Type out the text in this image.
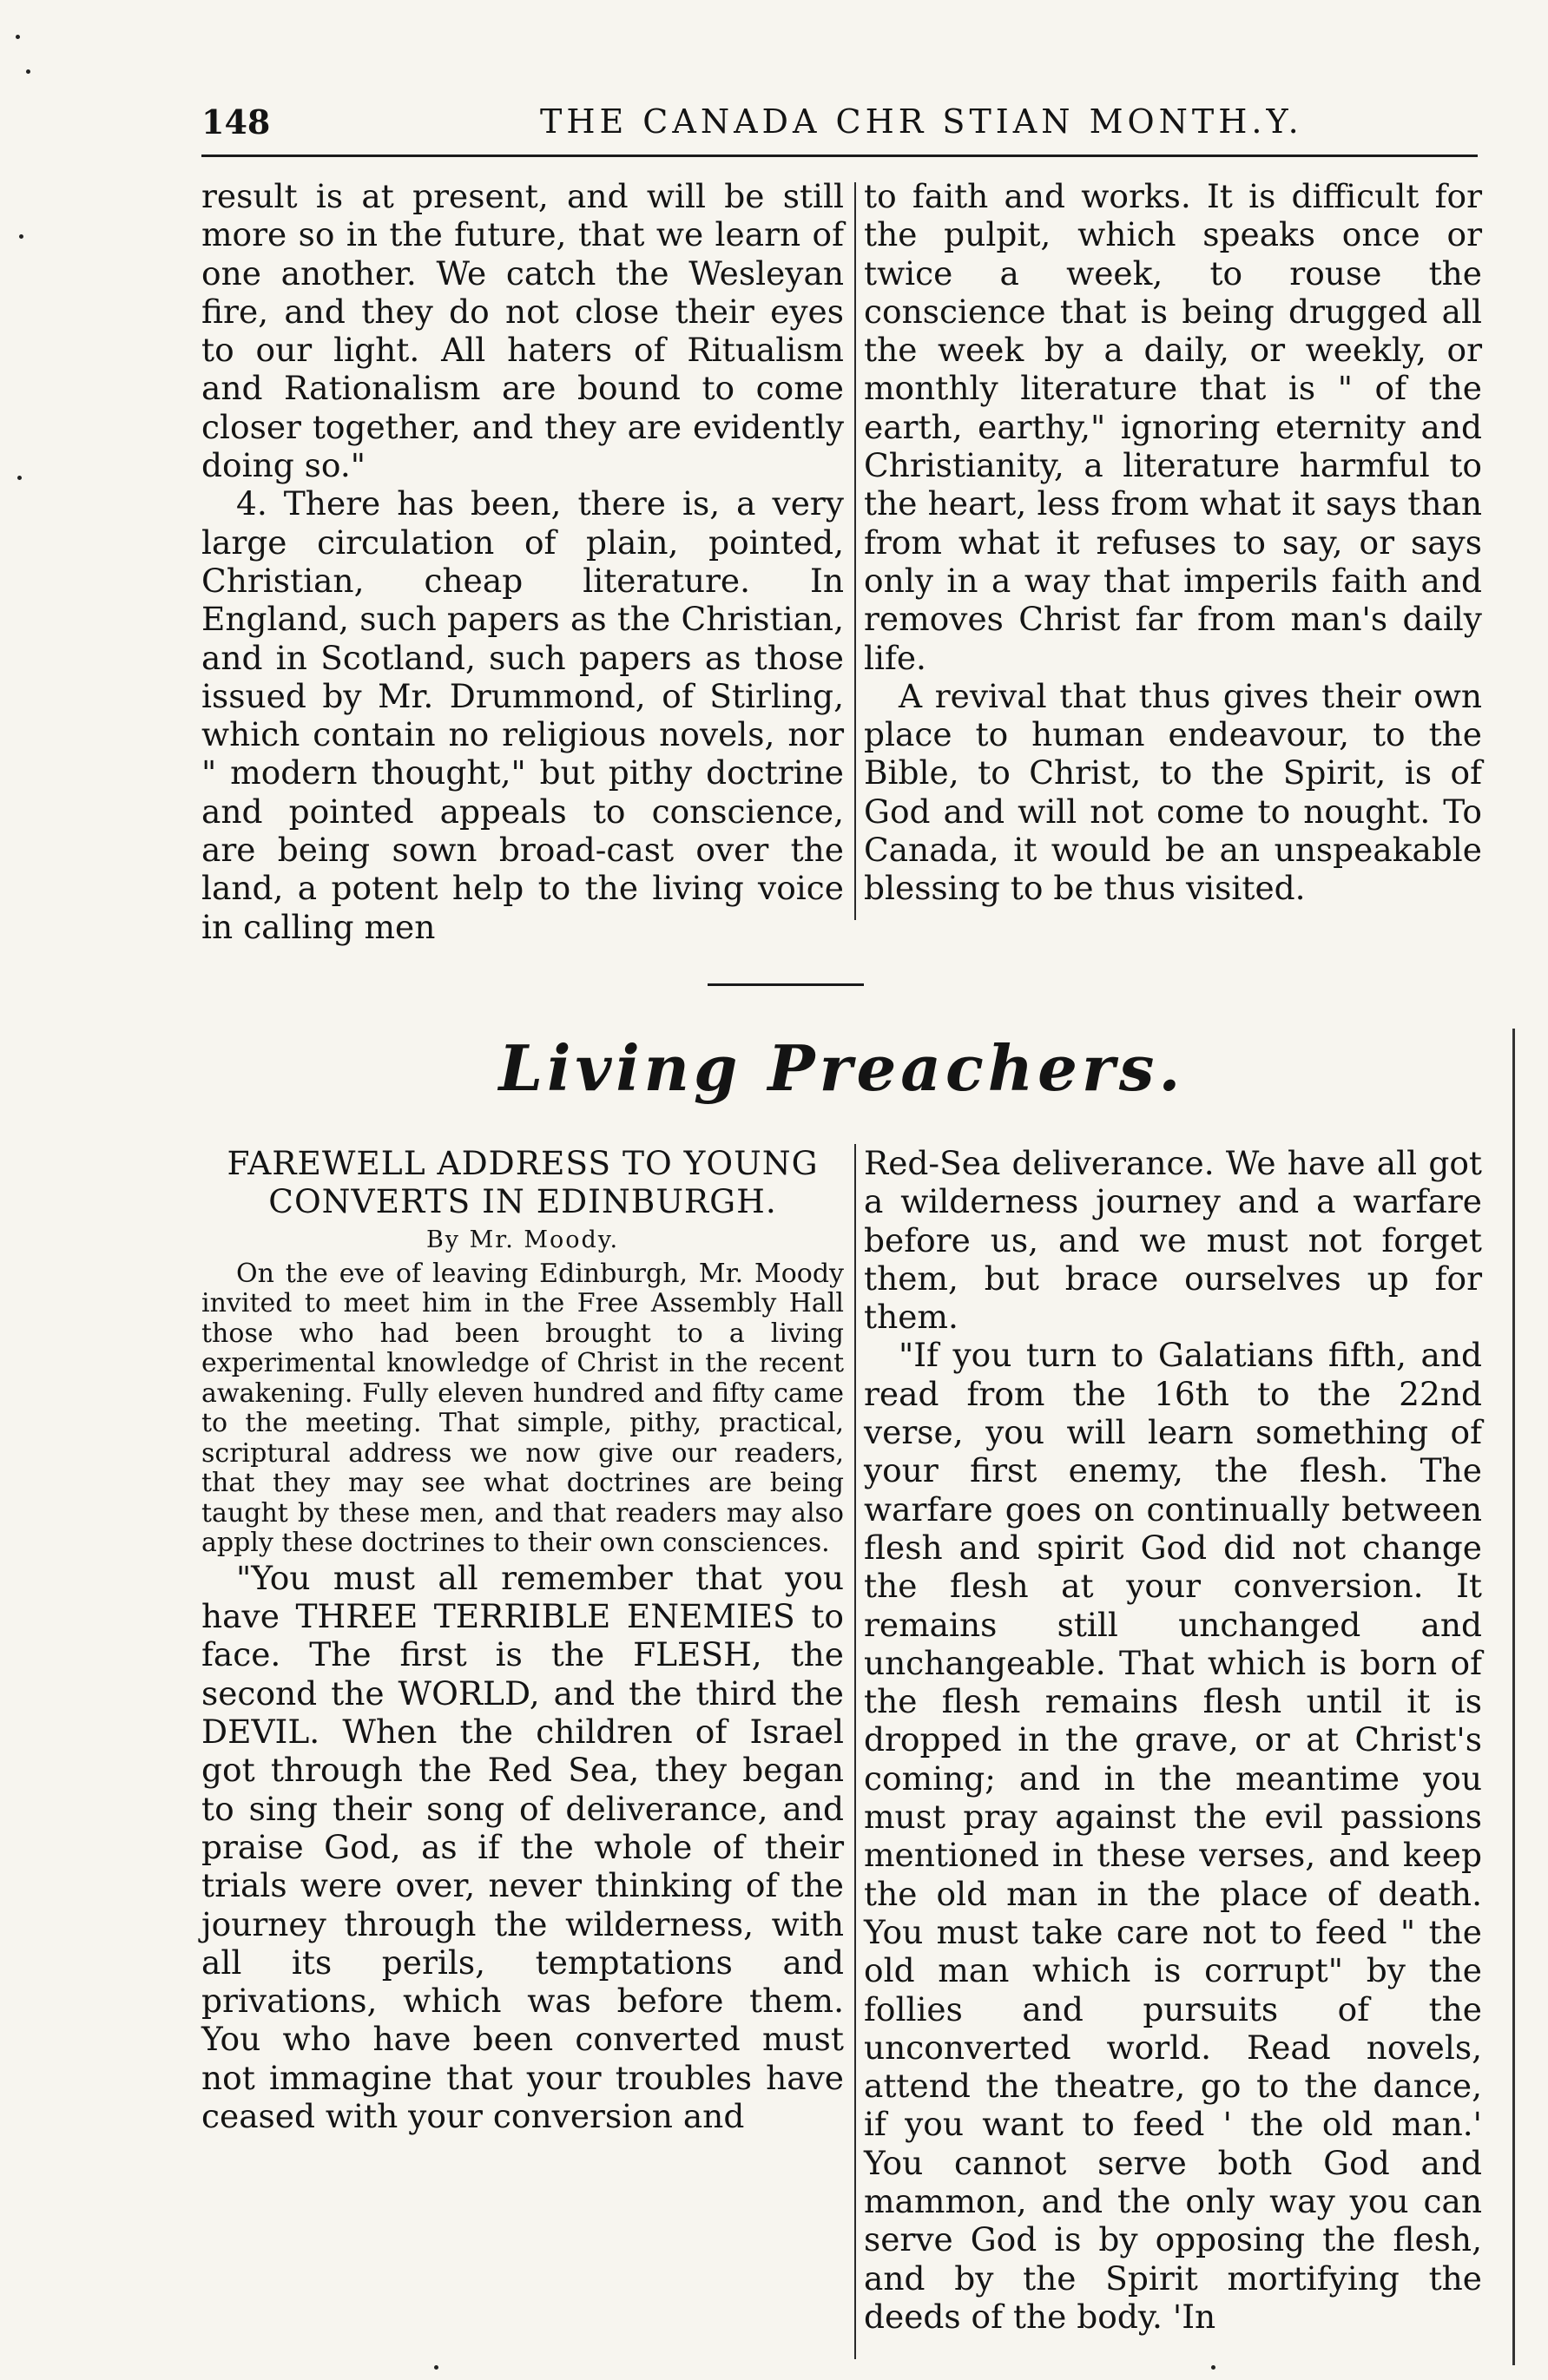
148	THE CANADA CHR STIAN MONTH.Y.

result is at present, and will be still more so in the future, that we learn of one another. We catch the Wesleyan fire, and they do not close their eyes to our light. All haters of Ritualism and Rationalism are bound to come closer together, and they are evidently doing so."

4. There has been, there is, a very large circulation of plain, pointed, Christian, cheap literature. In England, such papers as the Christian, and in Scotland, such papers as those issued by Mr. Drummond, of Stirling, which contain no religious novels, nor " modern thought," but pithy doctrine and pointed appeals to conscience, are being sown broad-cast over the land, a potent help to the living voice in calling men

to faith and works. It is difficult for the pulpit, which speaks once or twice a week, to rouse the conscience that is being drugged all the week by a daily, or weekly, or monthly literature that is " of the earth, earthy," ignoring eternity and Christianity, a literature harmful to the heart, less from what it says than from what it refuses to say, or says only in a way that imperils faith and removes Christ far from man's daily life.

A revival that thus gives their own place to human endeavour, to the Bible, to Christ, to the Spirit, is of God and will not come to nought. To Canada, it would be an unspeakable blessing to be thus visited.

Living Preachers.

FAREWELL ADDRESS TO YOUNG CONVERTS IN EDINBURGH.

By Mr. Moody.

On the eve of leaving Edinburgh, Mr. Moody invited to meet him in the Free Assembly Hall those who had been brought to a living experimental knowledge of Christ in the recent awakening. Fully eleven hundred and fifty came to the meeting. That simple, pithy, practical, scriptural address we now give our readers, that they may see what doctrines are being taught by these men, and that readers may also apply these doctrines to their own consciences.

"You must all remember that you have THREE TERRIBLE ENEMIES to face. The first is the FLESH, the second the WORLD, and the third the DEVIL. When the children of Israel got through the Red Sea, they began to sing their song of deliverance, and praise God, as if the whole of their trials were over, never thinking of the journey through the wilderness, with all its perils, temptations and privations, which was before them. You who have been converted must not immagine that your troubles have ceased with your conversion and

Red-Sea deliverance. We have all got a wilderness journey and a warfare before us, and we must not forget them, but brace ourselves up for them.

"If you turn to Galatians fifth, and read from the 16th to the 22nd verse, you will learn something of your first enemy, the flesh. The warfare goes on continually between flesh and spirit God did not change the flesh at your conversion. It remains still unchanged and unchangeable. That which is born of the flesh remains flesh until it is dropped in the grave, or at Christ's coming; and in the meantime you must pray against the evil passions mentioned in these verses, and keep the old man in the place of death. You must take care not to feed " the old man which is corrupt" by the follies and pursuits of the unconverted world. Read novels, attend the theatre, go to the dance, if you want to feed ' the old man.' You cannot serve both God and mammon, and the only way you can serve God is by opposing the flesh, and by the Spirit mortifying the deeds of the body. 'In
